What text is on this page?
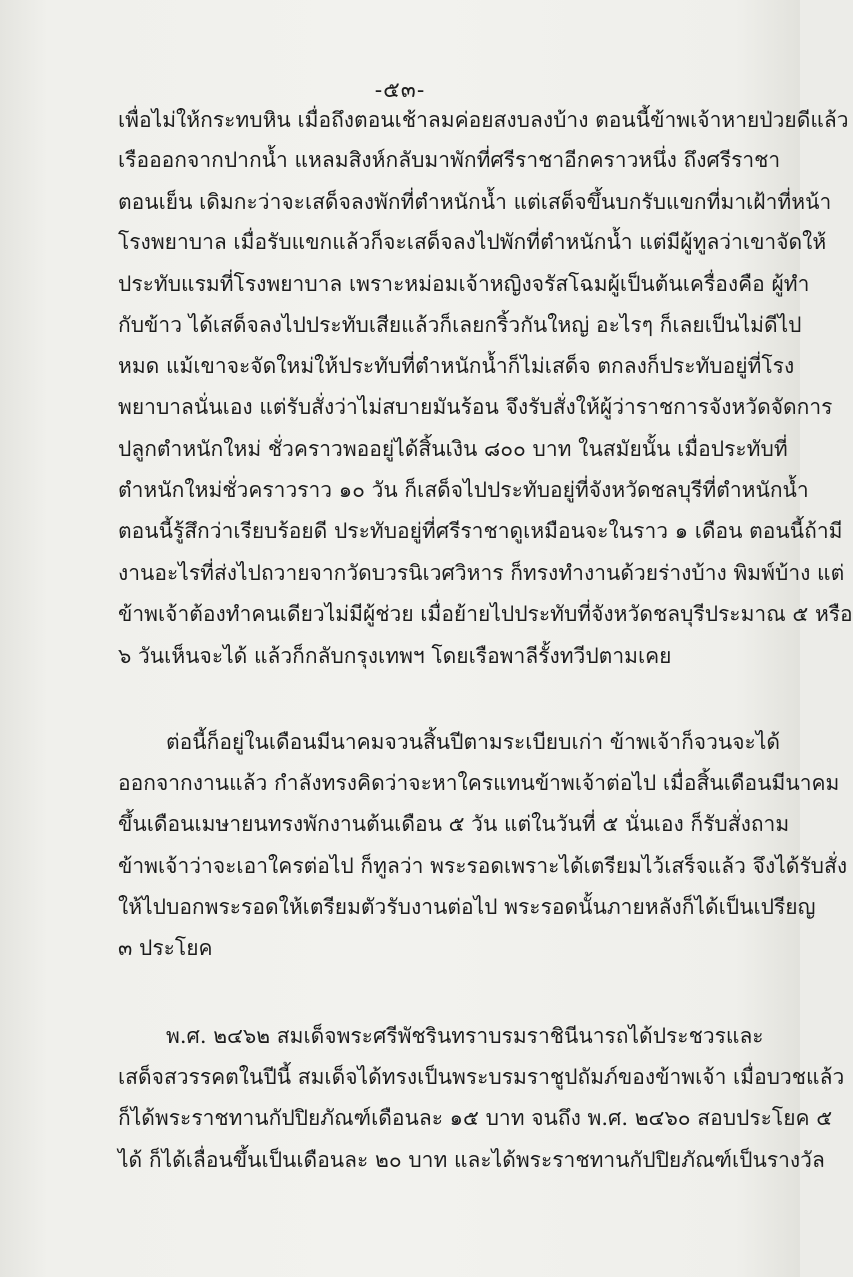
-๕๓-
เพื่อไม่ให้กระทบหิน เมื่อถึงตอนเช้าลมค่อยสงบลงบ้าง ตอนนี้ข้าพเจ้าหายป่วยดีแล้ว
เรือออกจากปากน้ำ แหลมสิงห์กลับมาพักที่ศรีราชาอีกคราวหนึ่ง ถึงศรีราชา
ตอนเย็น เดิมกะว่าจะเสด็จลงพักที่ตำหนักน้ำ แต่เสด็จขึ้นบกรับแขกที่มาเฝ้าที่หน้า
โรงพยาบาล เมื่อรับแขกแล้วก็จะเสด็จลงไปพักที่ตำหนักน้ำ แต่มีผู้ทูลว่าเขาจัดให้
ประทับแรมที่โรงพยาบาล เพราะหม่อมเจ้าหญิงจรัสโฉมผู้เป็นต้นเครื่องคือ ผู้ทำ
กับข้าว ได้เสด็จลงไปประทับเสียแล้วก็เลยกริ้วกันใหญ่ อะไรๆ ก็เลยเป็นไม่ดีไป
หมด แม้เขาจะจัดใหม่ให้ประทับที่ตำหนักน้ำก็ไม่เสด็จ ตกลงก็ประทับอยู่ที่โรง
พยาบาลนั่นเอง แต่รับสั่งว่าไม่สบายมันร้อน จึงรับสั่งให้ผู้ว่าราชการจังหวัดจัดการ
ปลูกตำหนักใหม่ ชั่วคราวพออยู่ได้สิ้นเงิน ๘๐๐ บาท ในสมัยนั้น เมื่อประทับที่
ตำหนักใหม่ชั่วคราวราว ๑๐ วัน ก็เสด็จไปประทับอยู่ที่จังหวัดชลบุรีที่ตำหนักน้ำ
ตอนนี้รู้สึกว่าเรียบร้อยดี ประทับอยู่ที่ศรีราชาดูเหมือนจะในราว ๑ เดือน ตอนนี้ถ้ามี
งานอะไรที่ส่งไปถวายจากวัดบวรนิเวศวิหาร ก็ทรงทำงานด้วยร่างบ้าง พิมพ์บ้าง แต่
ข้าพเจ้าต้องทำคนเดียวไม่มีผู้ช่วย เมื่อย้ายไปประทับที่จังหวัดชลบุรีประมาณ ๕ หรือ
๖ วันเห็นจะได้ แล้วก็กลับกรุงเทพฯ โดยเรือพาลีรั้งทวีปตามเคย
ต่อนี้ก็อยู่ในเดือนมีนาคมจวนสิ้นปีตามระเบียบเก่า ข้าพเจ้าก็จวนจะได้
ออกจากงานแล้ว กำลังทรงคิดว่าจะหาใครแทนข้าพเจ้าต่อไป เมื่อสิ้นเดือนมีนาคม
ขึ้นเดือนเมษายนทรงพักงานต้นเดือน ๕ วัน แต่ในวันที่ ๕ นั่นเอง ก็รับสั่งถาม
ข้าพเจ้าว่าจะเอาใครต่อไป ก็ทูลว่า พระรอดเพราะได้เตรียมไว้เสร็จแล้ว จึงได้รับสั่ง
ให้ไปบอกพระรอดให้เตรียมตัวรับงานต่อไป พระรอดนั้นภายหลังก็ได้เป็นเปรียญ
๓ ประโยค
พ.ศ. ๒๔๖๒ สมเด็จพระศรีพัชรินทราบรมราชินีนารถได้ประชวรและ
เสด็จสวรรคตในปีนี้ สมเด็จได้ทรงเป็นพระบรมราชูปถัมภ์ของข้าพเจ้า เมื่อบวชแล้ว
ก็ได้พระราชทานกัปปิยภัณฑ์เดือนละ ๑๕ บาท จนถึง พ.ศ. ๒๔๖๐ สอบประโยค ๕
ได้ ก็ได้เลื่อนขึ้นเป็นเดือนละ ๒๐ บาท และได้พระราชทานกัปปิยภัณฑ์เป็นรางวัล
